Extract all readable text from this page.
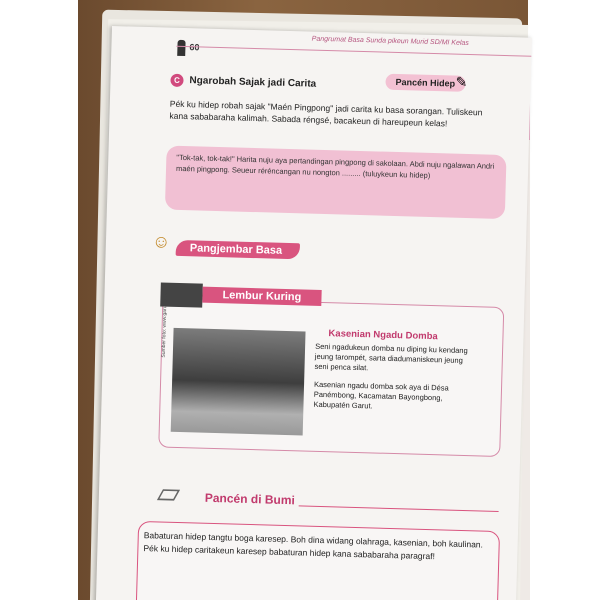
60
Pangrumat Basa Sunda pikeun Murid SD/MI Kelas
C Ngarobah Sajak jadi Carita	Pancén Hidep ✎
Pék ku hidep robah sajak "Maén Pingpong" jadi carita ku basa sorangan. Tuliskeun kana sababaraha kalimah. Sabada réngsé, bacakeun di hareupeun kelas!
"Tok-tak, tok-tak!" Harita nuju aya pertandingan pingpong di sakolaan. Abdi nuju ngalawan Andri maén pingpong. Seueur réréncangan nu nongton ......... (tuluykeun ku hidep)
☺	Pangjembar Basa
Lembur Kuring
Sumber foto: www.garut.go.id	Kasenian Ngadu Domba
Seni ngadukeun domba nu diping ku kendang jeung tarompét, sarta diadumaniskeun jeung seni penca silat.
Kasenian ngadu domba sok aya di Désa Panémbong, Kacamatan Bayongbong, Kabupatén Garut.
▱ Pancén di Bumi
Babaturan hidep tangtu boga karesep. Boh dina widang olahraga, kasenian, boh kaulinan. Pék ku hidep caritakeun karesep babaturan hidep kana sababaraha paragraf!
